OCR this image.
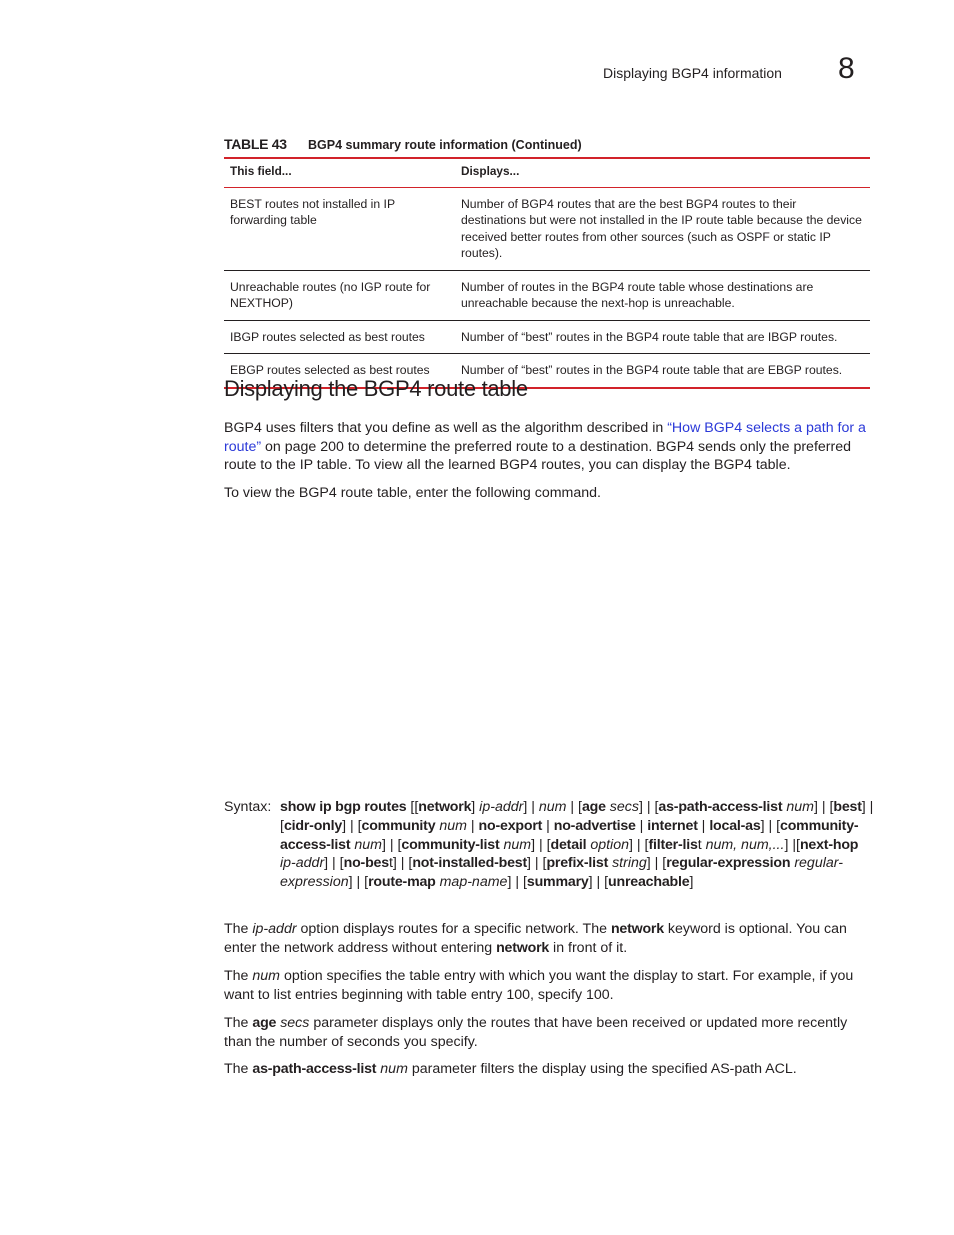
Displaying BGP4 information 8
TABLE 43 BGP4 summary route information (Continued)
This field...	Displays...
BEST routes not installed in IP forwarding table	Number of BGP4 routes that are the best BGP4 routes to their destinations but were not installed in the IP route table because the device received better routes from other sources (such as OSPF or static IP routes).
Unreachable routes (no IGP route for NEXTHOP)	Number of routes in the BGP4 route table whose destinations are unreachable because the next-hop is unreachable.
IBGP routes selected as best routes	Number of “best” routes in the BGP4 route table that are IBGP routes.
EBGP routes selected as best routes	Number of “best” routes in the BGP4 route table that are EBGP routes.
Displaying the BGP4 route table

BGP4 uses filters that you define as well as the algorithm described in “How BGP4 selects a path for a route” on page 200 to determine the preferred route to a destination. BGP4 sends only the preferred route to the IP table. To view all the learned BGP4 routes, you can display the BGP4 table.

To view the BGP4 route table, enter the following command.

Syntax: show ip bgp routes [[network] ip-addr] | num | [age secs] | [as-path-access-list num] | [best] | [cidr-only] | [community num | no-export | no-advertise | internet | local-as] | [community-access-list num] | [community-list num] | [detail option] | [filter-list num, num,...] |[next-hop ip-addr] | [no-best] | [not-installed-best] | [prefix-list string] | [regular-expression regular-expression] | [route-map map-name] | [summary] | [unreachable]

The ip-addr option displays routes for a specific network. The network keyword is optional. You can enter the network address without entering network in front of it.

The num option specifies the table entry with which you want the display to start. For example, if you want to list entries beginning with table entry 100, specify 100.

The age secs parameter displays only the routes that have been received or updated more recently than the number of seconds you specify.

The as-path-access-list num parameter filters the display using the specified AS-path ACL.
